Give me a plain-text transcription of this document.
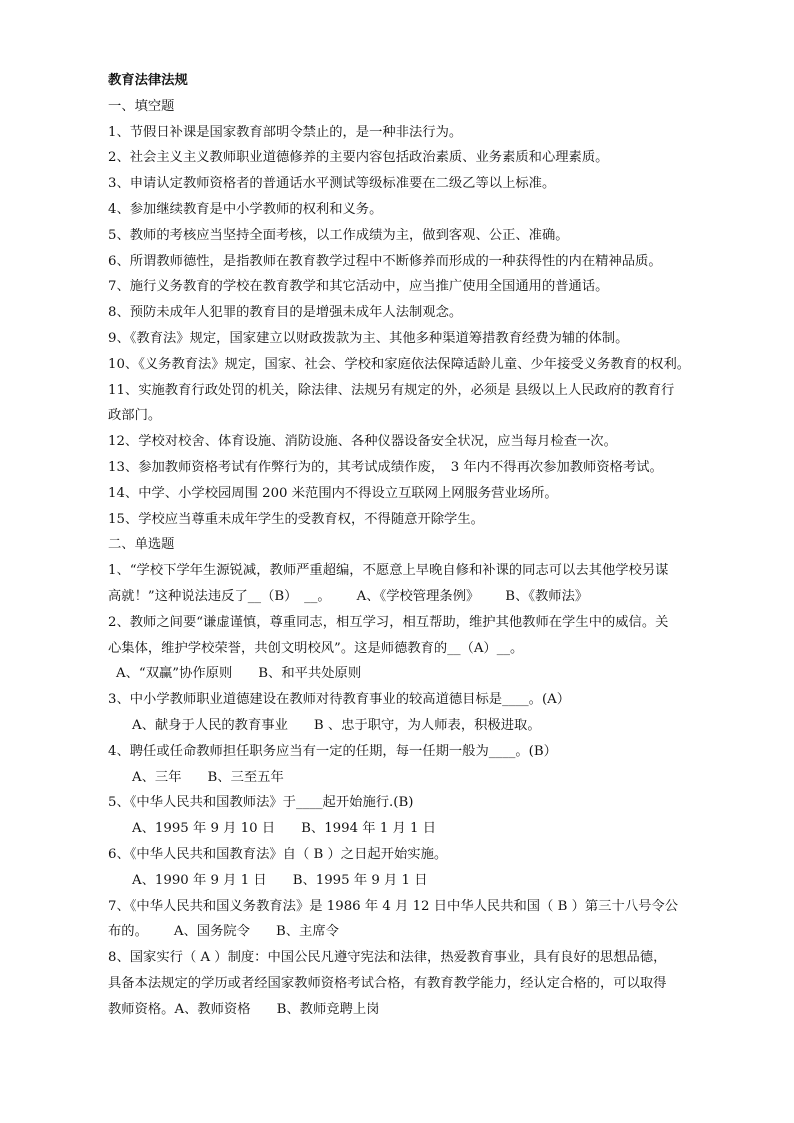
教育法律法规
一、填空题
1、节假日补课是国家教育部明令禁止的，是一种非法行为。
2、社会主义主义教师职业道德修养的主要内容包括政治素质、业务素质和心理素质。
3、申请认定教师资格者的普通话水平测试等级标准要在二级乙等以上标准。
4、参加继续教育是中小学教师的权利和义务。
5、教师的考核应当坚持全面考核，以工作成绩为主，做到客观、公正、准确。
6、所谓教师德性，是指教师在教育教学过程中不断修养而形成的一种获得性的内在精神品质。
7、施行义务教育的学校在教育教学和其它活动中，应当推广使用全国通用的普通话。
8、预防未成年人犯罪的教育目的是增强未成年人法制观念。
9、《教育法》规定，国家建立以财政拨款为主、其他多种渠道筹措教育经费为辅的体制。
10、《义务教育法》规定，国家、社会、学校和家庭依法保障适龄儿童、少年接受义务教育的权利。
11、实施教育行政处罚的机关，除法律、法规另有规定的外，必须是 县级以上人民政府的教育行
政部门。
12、学校对校舍、体育设施、消防设施、各种仪器设备安全状况，应当每月检查一次。
13、参加教师资格考试有作弊行为的，其考试成绩作废，　3 年内不得再次参加教师资格考试。
14、中学、小学校园周围 200 米范围内不得设立互联网上网服务营业场所。
15、学校应当尊重未成年学生的受教育权，不得随意开除学生。
二、单选题
1、“学校下学年生源锐减，教师严重超编，不愿意上早晚自修和补课的同志可以去其他学校另谋
高就！”这种说法违反了__（B）　__。 A、《学校管理条例》 B、《教师法》
2、教师之间要“谦虚谨慎，尊重同志，相互学习，相互帮助，维护其他教师在学生中的威信。关
心集体，维护学校荣誉，共创文明校风”。这是师德教育的__（A）__。
A、“双赢”协作原则 B、和平共处原则
3、中小学教师职业道德建设在教师对待教育事业的较高道德目标是____。(A）
A、献身于人民的教育事业 B 、忠于职守，为人师表，积极进取。
4、聘任或任命教师担任职务应当有一定的任期，每一任期一般为____。(B）
A、三年 B、三至五年
5、《中华人民共和国教师法》于____起开始施行.(B)
A、1995 年 9 月 10 日 B、1994 年 1 月 1 日
6、《中华人民共和国教育法》自（ B ）之日起开始实施。
A、1990 年 9 月 1 日 B、1995 年 9 月 1 日
7、《中华人民共和国义务教育法》是 1986 年 4 月 12 日中华人民共和国（ B ）第三十八号令公
布的。 A、国务院令 B、主席令
8、国家实行（ A ）制度：中国公民凡遵守宪法和法律，热爱教育事业，具有良好的思想品德，
具备本法规定的学历或者经国家教师资格考试合格，有教育教学能力，经认定合格的，可以取得
教师资格。A、教师资格 B、教师竞聘上岗
